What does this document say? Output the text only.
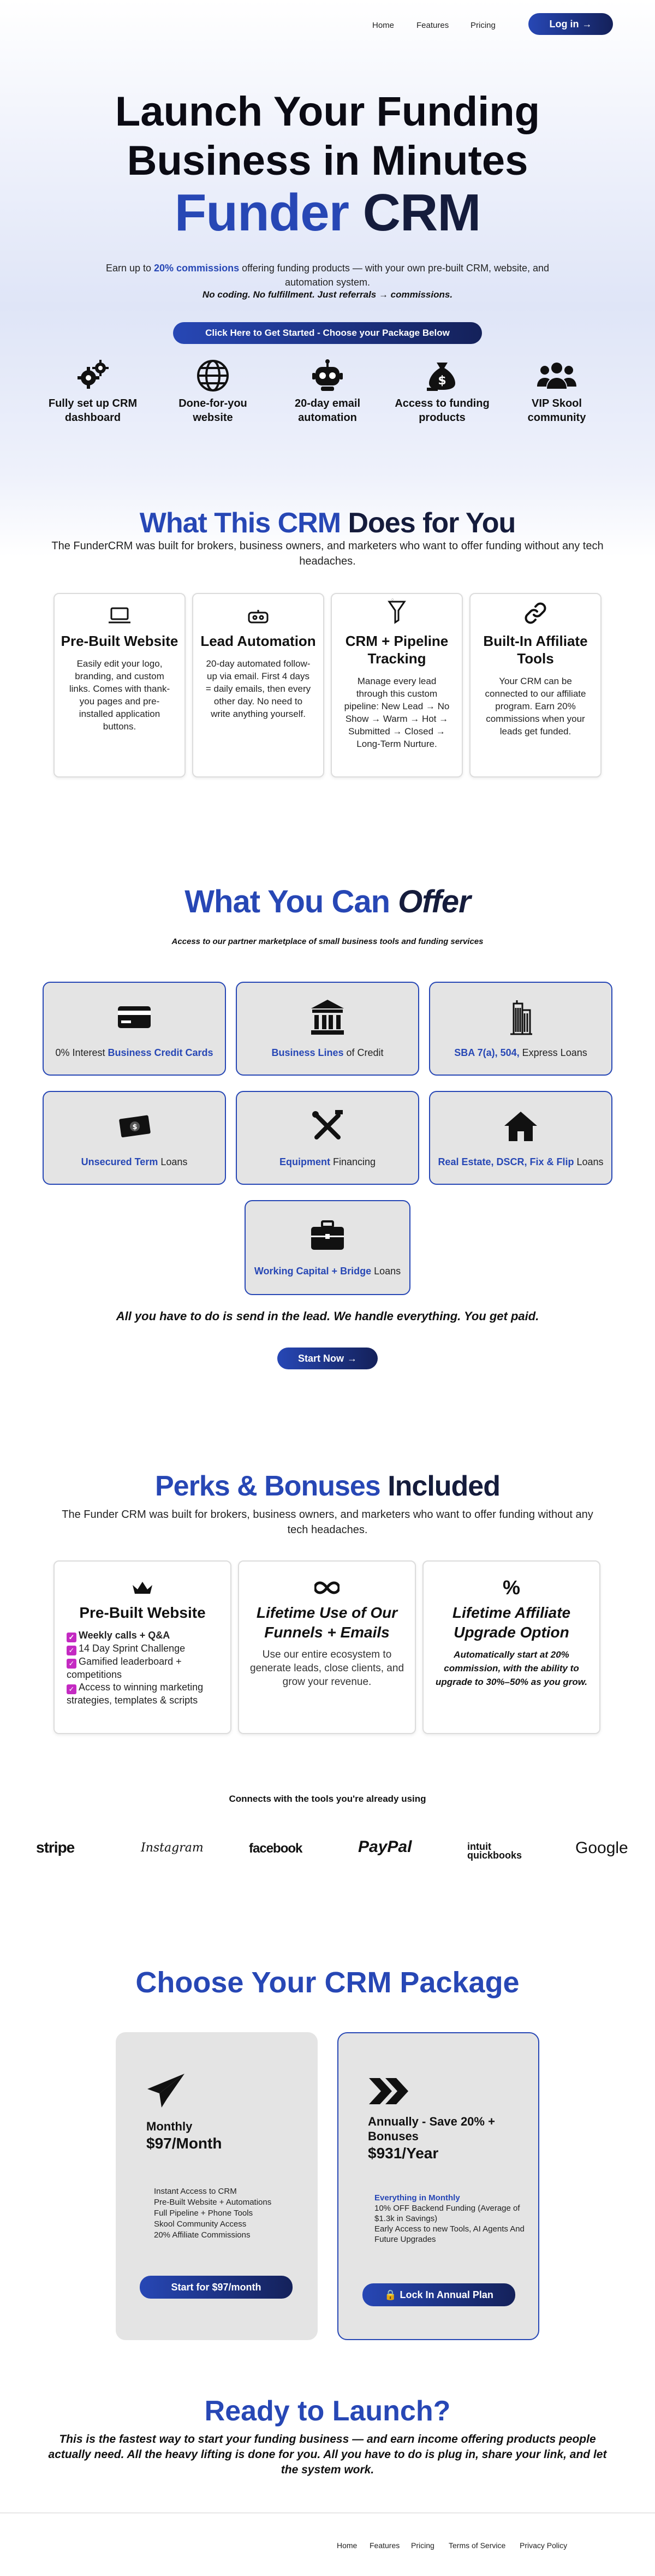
Home	Features	Pricing	Log in →
Launch Your Funding
Business in Minutes
Funder CRM
Earn up to 20% commissions offering funding products — with your own pre-built CRM, website, and automation system.
No coding. No fulfillment. Just referrals → commissions.
Click Here to Get Started - Choose your Package Below
Fully set up CRM dashboard
Done-for-you website
20-day email automation
$
Access to funding products
VIP Skool community
What This CRM Does for You
The FunderCRM was built for brokers, business owners, and marketers who want to offer funding without any tech headaches.
Pre-Built Website

Easily edit your logo, branding, and custom links. Comes with thank-you pages and pre-installed application buttons.

Lead Automation

20-day automated follow-up via email. First 4 days = daily emails, then every other day. No need to write anything yourself.

CRM + Pipeline Tracking

Manage every lead through this custom pipeline: New Lead → No Show → Warm → Hot → Submitted → Closed → Long-Term Nurture.

Built-In Affiliate Tools

Your CRM can be connected to our affiliate program. Earn 20% commissions when your leads get funded.

What You Can Offer
Access to our partner marketplace of small business tools and funding services
0% Interest Business Credit Cards	Business Lines of Credit	SBA 7(a), 504, Express Loans
$
Unsecured Term Loans	Equipment Financing	Real Estate, DSCR, Fix & Flip Loans
Working Capital + Bridge Loans
All you have to do is send in the lead. We handle everything. You get paid.
Start Now →
Perks & Bonuses Included
The Funder CRM was built for brokers, business owners, and marketers who want to offer funding without any tech headaches.
Pre-Built Website
✓ Weekly calls + Q&A
✓ 14 Day Sprint Challenge
✓ Gamified leaderboard + competitions
✓ Access to winning marketing strategies, templates & scripts
Lifetime Use of Our Funnels + Emails

Use our entire ecosystem to generate leads, close clients, and grow your revenue.

%
Lifetime Affiliate Upgrade Option

Automatically start at 20% commission, with the ability to upgrade to 30%–50% as you grow.

Connects with the tools you're already using
stripe	Instagram	facebook	PayPal	intuit quickbooks	Google
Choose Your CRM Package
Monthly
$97/Month
Instant Access to CRM
Pre-Built Website + Automations
Full Pipeline + Phone Tools
Skool Community Access
20% Affiliate Commissions
Start for $97/month
Annually - Save 20% + Bonuses
$931/Year
Everything in Monthly
10% OFF Backend Funding (Average of $1.3k in Savings)
Early Access to new Tools, AI Agents And Future Upgrades
🔒 Lock In Annual Plan
Ready to Launch?
This is the fastest way to start your funding business — and earn income offering products people actually need. All the heavy lifting is done for you. All you have to do is plug in, share your link, and let the system work.
Home Features Pricing Terms of Service Privacy Policy
